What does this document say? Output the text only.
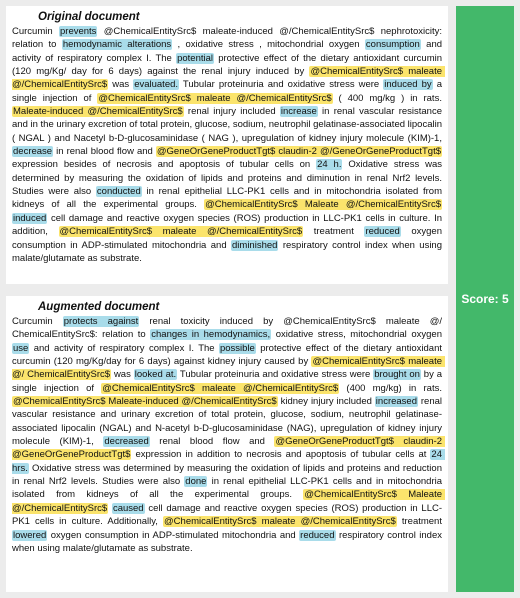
Original document

Curcumin prevents @ChemicalEntitySrc$ maleate-induced @/ChemicalEntitySrc$ nephrotoxicity: relation to hemodynamic alterations , oxidative stress , mitochondrial oxygen consumption and activity of respiratory complex I. The potential protective effect of the dietary antioxidant curcumin (120 mg/Kg/ day for 6 days) against the renal injury induced by @ChemicalEntitySrc$ maleate @/ChemicalEntitySrc$ was evaluated. Tubular proteinuria and oxidative stress were induced by a single injection of @ChemicalEntitySrc$ maleate @/ChemicalEntitySrc$ ( 400 mg/kg ) in rats. Maleate-induced @/ChemicalEntitySrc$ renal injury included increase in renal vascular resistance and in the urinary excretion of total protein, glucose, sodium, neutrophil gelatinase-associated lipocalin ( NGAL ) and Nacetyl b-D-glucosaminidase ( NAG ), upregulation of kidney injury molecule (KIM)-1, decrease in renal blood flow and @GeneOrGeneProductTgt$ claudin-2 @/GeneOrGeneProductTgt$ expression besides of necrosis and apoptosis of tubular cells on 24 h. Oxidative stress was determined by measuring the oxidation of lipids and proteins and diminution in renal Nrf2 levels. Studies were also conducted in renal epithelial LLC-PK1 cells and in mitochondria isolated from kidneys of all the experimental groups. @ChemicalEntitySrc$ Maleate @/ChemicalEntitySrc$ induced cell damage and reactive oxygen species (ROS) production in LLC-PK1 cells in culture. In addition, @ChemicalEntitySrc$ maleate @/ChemicalEntitySrc$ treatment reduced oxygen consumption in ADP-stimulated mitochondria and diminished respiratory control index when using malate/glutamate as substrate.

Augmented document

Curcumin protects against renal toxicity induced by @ChemicalEntitySrc$ maleate @/ ChemicalEntitySrc$: relation to changes in hemodynamics, oxidative stress, mitochondrial oxygen use and activity of respiratory complex I. The possible protective effect of the dietary antioxidant curcumin (120 mg/Kg/day for 6 days) against kidney injury caused by @ChemicalEntitySrc$ maleate @/ ChemicalEntitySrc$ was looked at. Tubular proteinuria and oxidative stress were brought on by a single injection of @ChemicalEntitySrc$ maleate @/ChemicalEntitySrc$ (400 mg/kg) in rats. @ChemicalEntitySrc$ Maleate-induced @/ChemicalEntitySrc$ kidney injury included increased renal vascular resistance and urinary excretion of total protein, glucose, sodium, neutrophil gelatinase-associated lipocalin (NGAL) and N-acetyl b-D-glucosaminidase (NAG), upregulation of kidney injury molecule (KIM)-1, decreased renal blood flow and @GeneOrGeneProductTgt$ claudin-2 @GeneOrGeneProductTgt$ expression in addition to necrosis and apoptosis of tubular cells at 24 hrs. Oxidative stress was determined by measuring the oxidation of lipids and proteins and reduction in renal Nrf2 levels. Studies were also done in renal epithelial LLC-PK1 cells and in mitochondria isolated from kidneys of all the experimental groups. @ChemicalEntitySrc$ Maleate @/ChemicalEntitySrc$ caused cell damage and reactive oxygen species (ROS) production in LLC-PK1 cells in culture. Additionally, @ChemicalEntitySrc$ maleate @/ChemicalEntitySrc$ treatment lowered oxygen consumption in ADP-stimulated mitochondria and reduced respiratory control index when using malate/glutamate as substrate.

Score: 5
